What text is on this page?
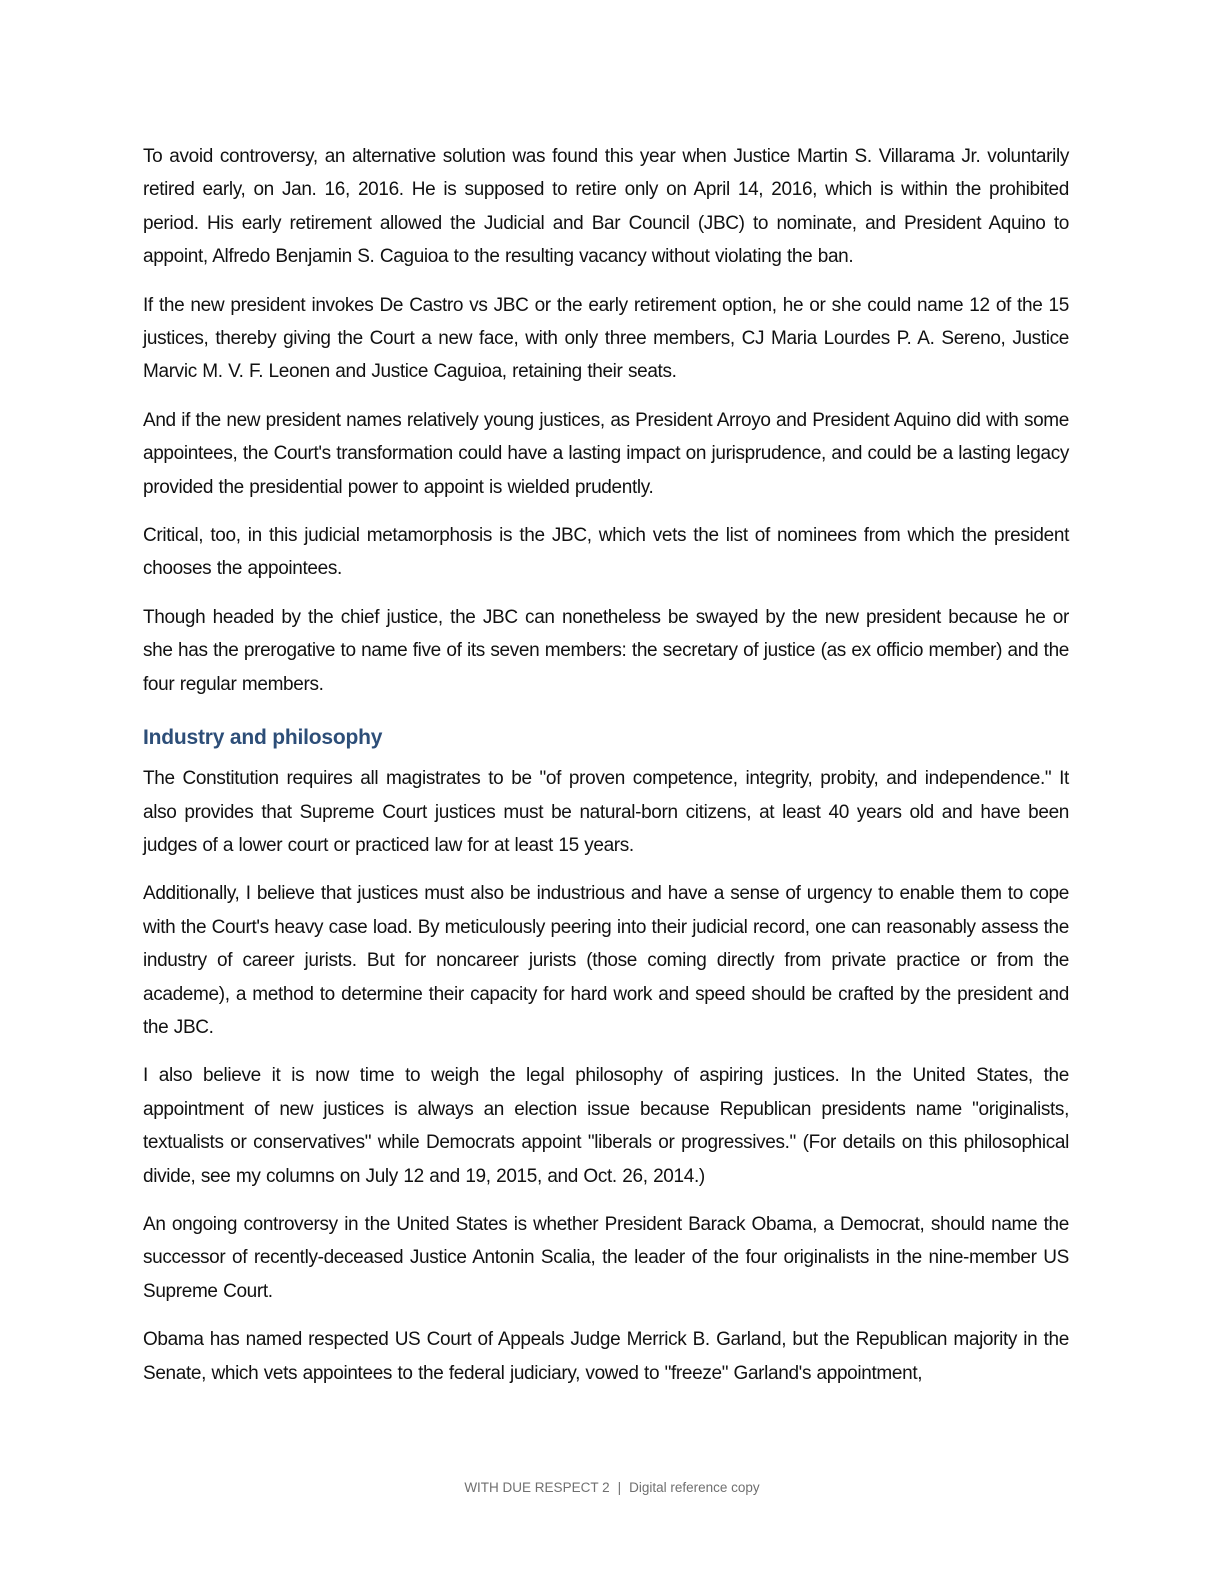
To avoid controversy, an alternative solution was found this year when Justice Martin S. Villarama Jr. voluntarily retired early, on Jan. 16, 2016. He is supposed to retire only on April 14, 2016, which is within the prohibited period. His early retirement allowed the Judicial and Bar Council (JBC) to nominate, and President Aquino to appoint, Alfredo Benjamin S. Caguioa to the resulting vacancy without violating the ban.

If the new president invokes De Castro vs JBC or the early retirement option, he or she could name 12 of the 15 justices, thereby giving the Court a new face, with only three members, CJ Maria Lourdes P. A. Sereno, Justice Marvic M. V. F. Leonen and Justice Caguioa, retaining their seats.

And if the new president names relatively young justices, as President Arroyo and President Aquino did with some appointees, the Court's transformation could have a lasting impact on jurisprudence, and could be a lasting legacy provided the presidential power to appoint is wielded prudently.

Critical, too, in this judicial metamorphosis is the JBC, which vets the list of nominees from which the president chooses the appointees.

Though headed by the chief justice, the JBC can nonetheless be swayed by the new president because he or she has the prerogative to name five of its seven members: the secretary of justice (as ex officio member) and the four regular members.

Industry and philosophy

The Constitution requires all magistrates to be "of proven competence, integrity, probity, and independence." It also provides that Supreme Court justices must be natural-born citizens, at least 40 years old and have been judges of a lower court or practiced law for at least 15 years.

Additionally, I believe that justices must also be industrious and have a sense of urgency to enable them to cope with the Court's heavy case load. By meticulously peering into their judicial record, one can reasonably assess the industry of career jurists. But for noncareer jurists (those coming directly from private practice or from the academe), a method to determine their capacity for hard work and speed should be crafted by the president and the JBC.

I also believe it is now time to weigh the legal philosophy of aspiring justices. In the United States, the appointment of new justices is always an election issue because Republican presidents name "originalists, textualists or conservatives" while Democrats appoint "liberals or progressives." (For details on this philosophical divide, see my columns on July 12 and 19, 2015, and Oct. 26, 2014.)

An ongoing controversy in the United States is whether President Barack Obama, a Democrat, should name the successor of recently-deceased Justice Antonin Scalia, the leader of the four originalists in the nine-member US Supreme Court.

Obama has named respected US Court of Appeals Judge Merrick B. Garland, but the Republican majority in the Senate, which vets appointees to the federal judiciary, vowed to "freeze" Garland's appointment,

WITH DUE RESPECT 2 | Digital reference copy
